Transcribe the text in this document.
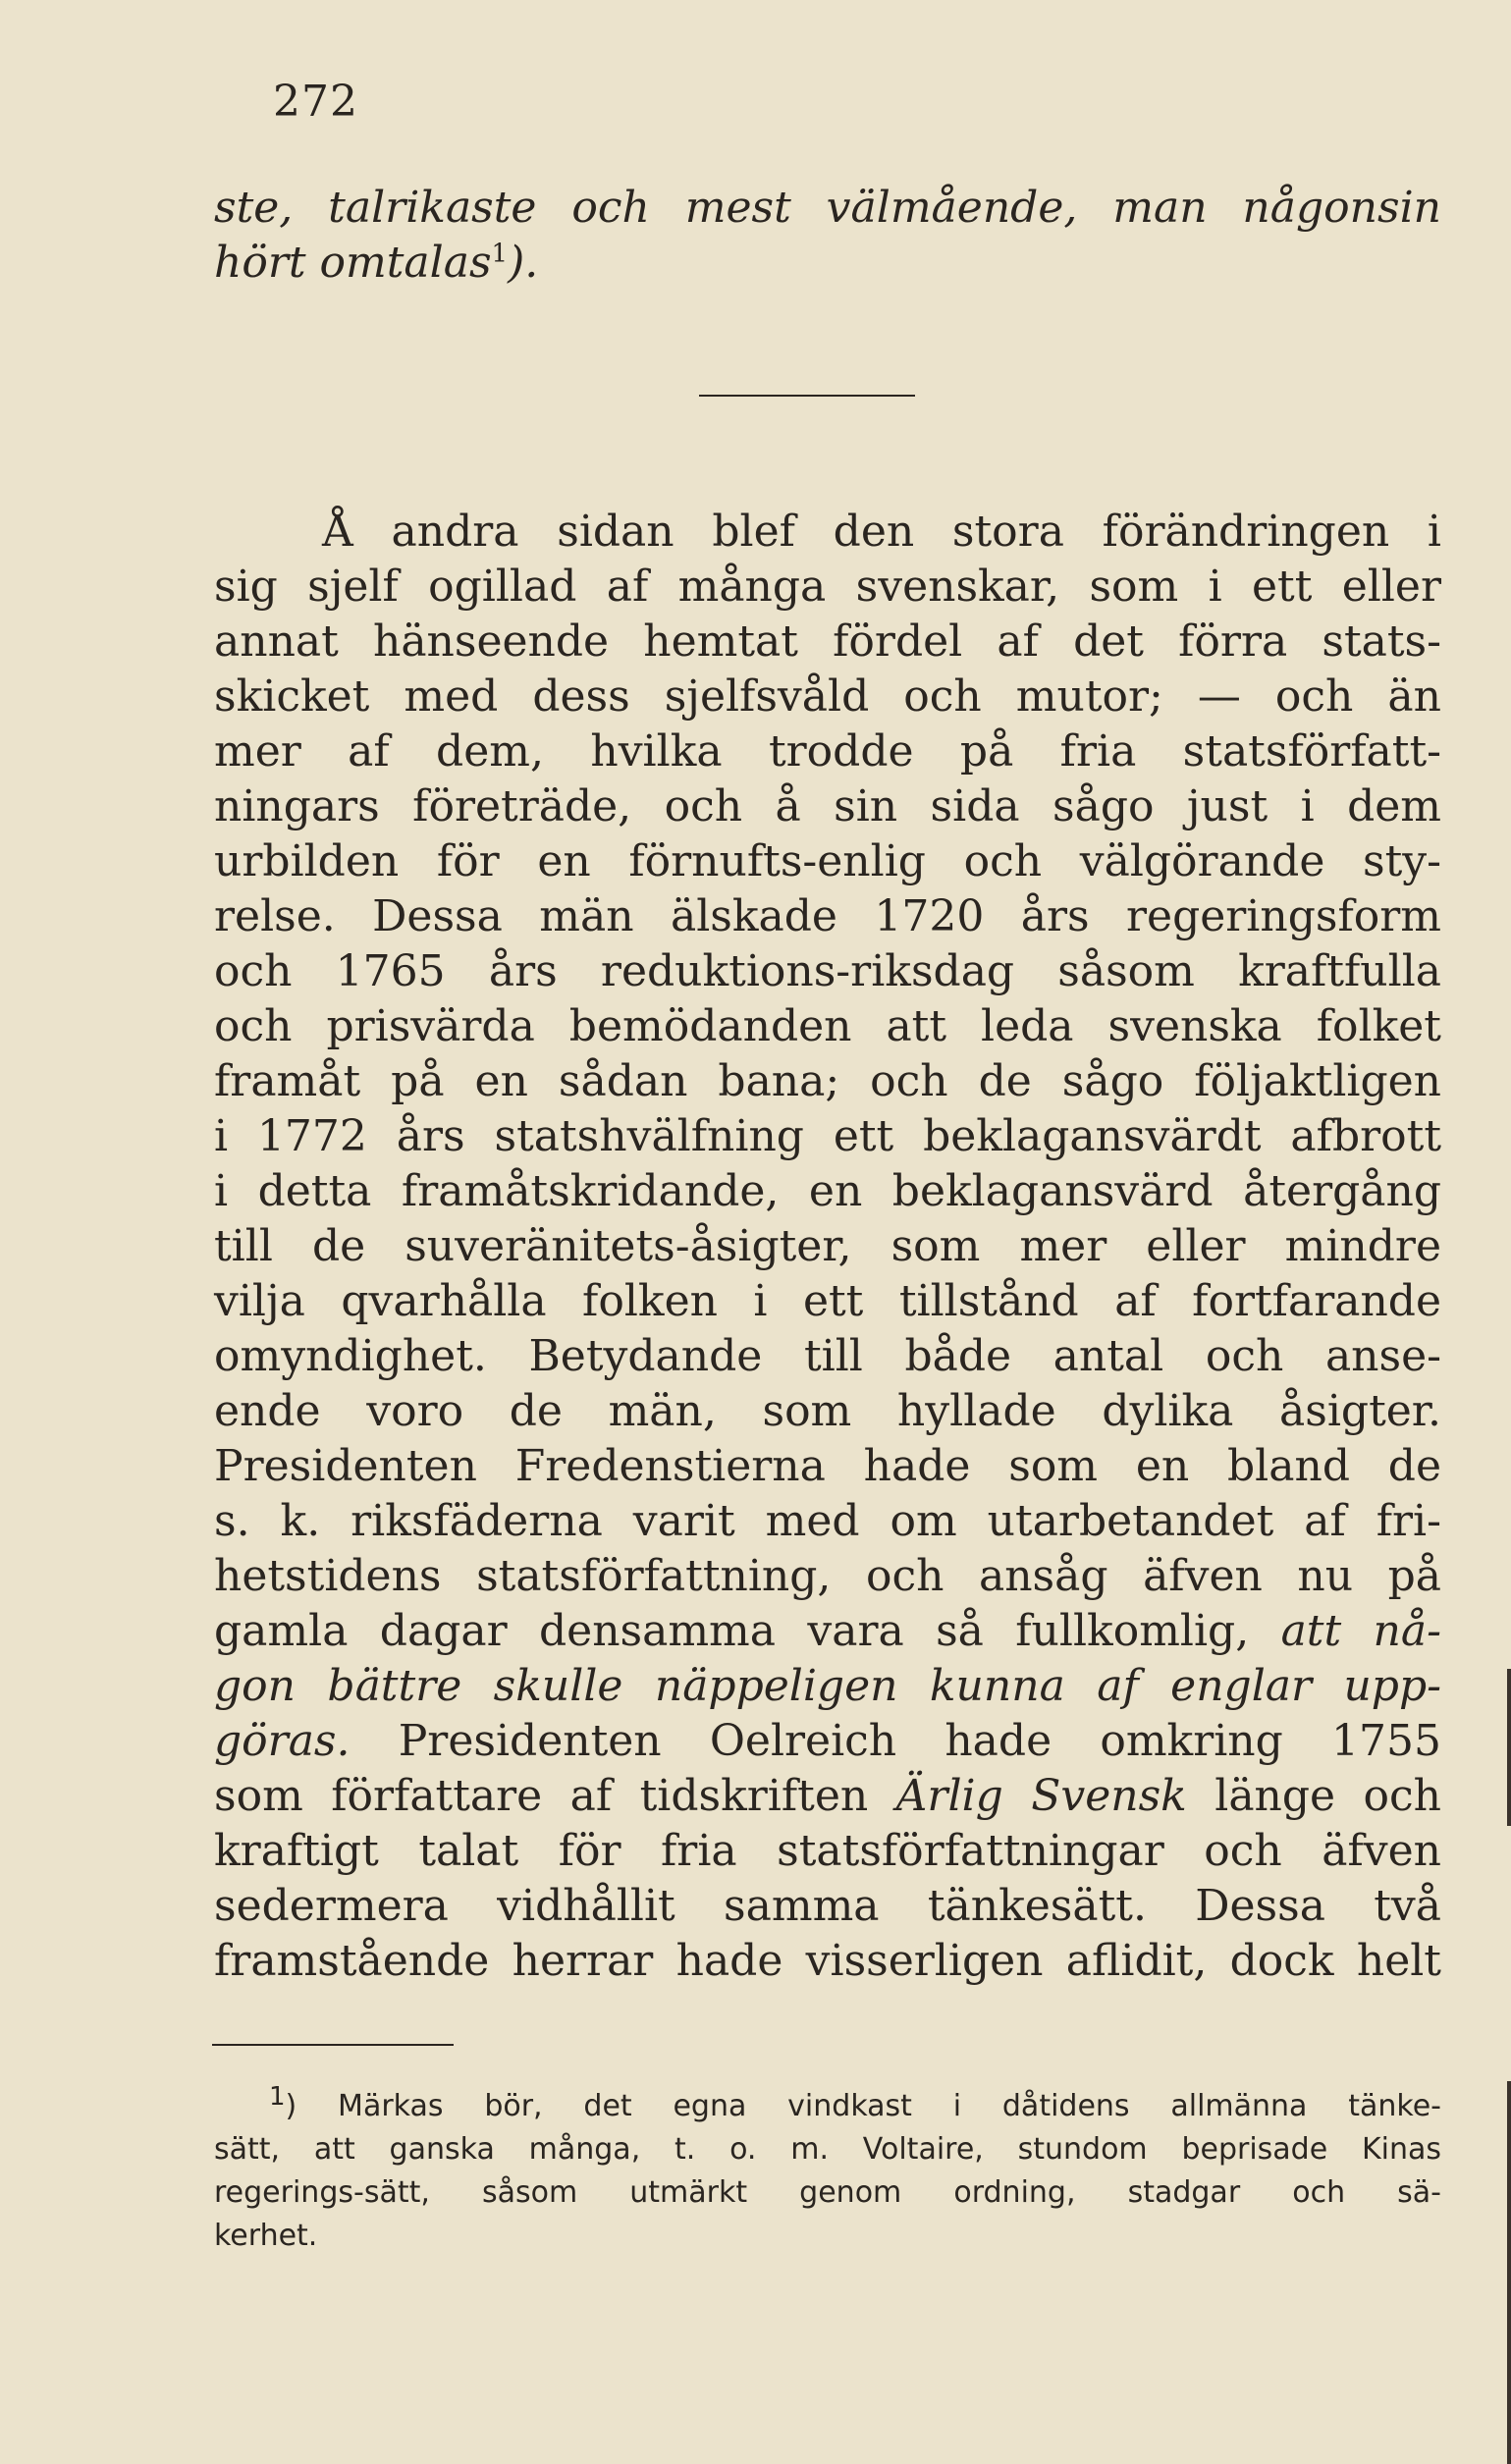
272
ste, talrikaste och mest välmående, man någonsin
hört omtalas$^1$).
Å andra sidan blef den stora förändringen i
sig sjelf ogillad af många svenskar, som i ett eller
annat hänseende hemtat fördel af det förra stats-
skicket med dess sjelfsvåld och mutor; — och än
mer af dem, hvilka trodde på fria statsförfatt-
ningars företräde, och å sin sida sågo just i dem
urbilden för en förnufts-enlig och välgörande sty-
relse. Dessa män älskade 1720 års regeringsform
och 1765 års reduktions-riksdag såsom kraftfulla
och prisvärda bemödanden att leda svenska folket
framåt på en sådan bana; och de sågo följaktligen
i 1772 års statshvälfning ett beklagansvärdt afbrott
i detta framåtskridande, en beklagansvärd återgång
till de suveränitets-åsigter, som mer eller mindre
vilja qvarhålla folken i ett tillstånd af fortfarande
omyndighet. Betydande till både antal och anse-
ende voro de män, som hyllade dylika åsigter.
Presidenten Fredenstierna hade som en bland de
s. k. riksfäderna varit med om utarbetandet af fri-
hetstidens statsförfattning, och ansåg äfven nu på
gamla dagar densamma vara så fullkomlig, att nå-
gon bättre skulle näppeligen kunna af englar upp-
göras. Presidenten Oelreich hade omkring 1755
som författare af tidskriften Ärlig Svensk länge och
kraftigt talat för fria statsförfattningar och äfven
sedermera vidhållit samma tänkesätt. Dessa två
framstående herrar hade visserligen aflidit, dock helt
$^1$) Märkas bör, det egna vindkast i dåtidens allmänna tänke-
sätt, att ganska många, t. o. m. Voltaire, stundom beprisade Kinas
regerings-sätt, såsom utmärkt genom ordning, stadgar och sä-
kerhet.
